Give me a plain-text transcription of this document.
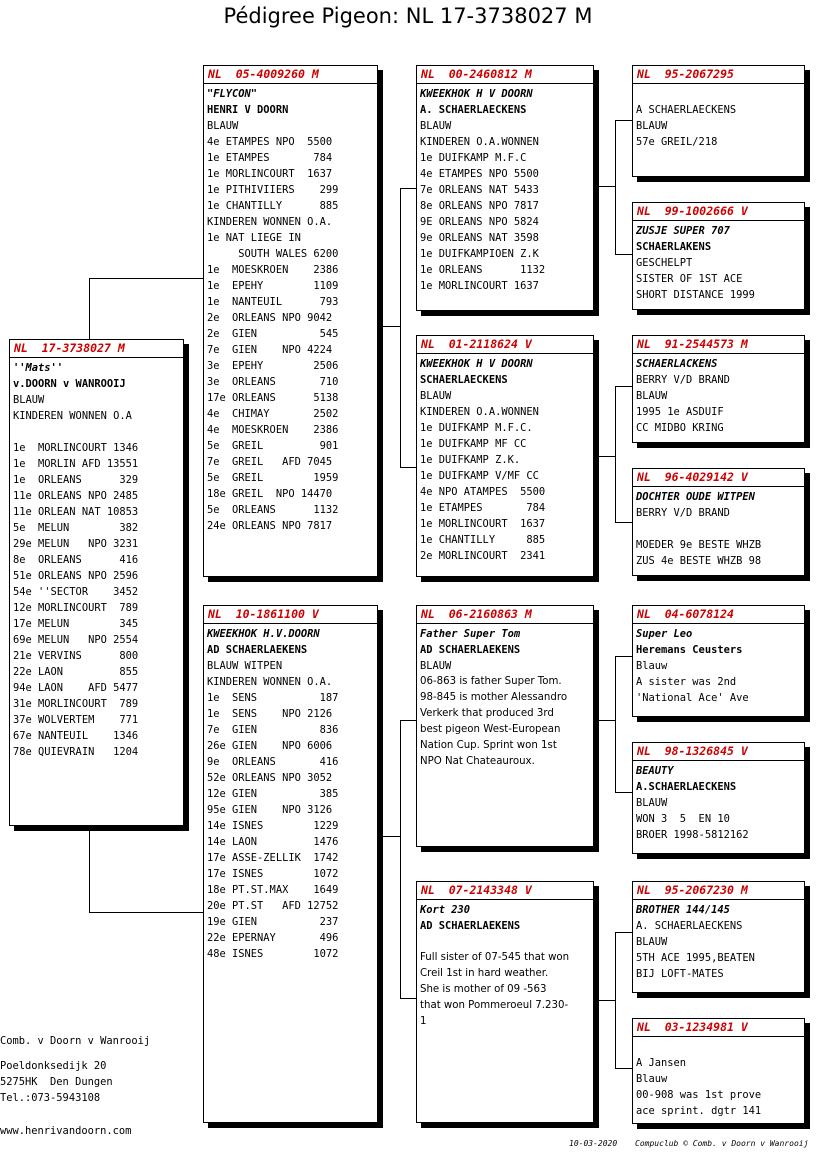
Pédigree Pigeon: NL 17-3738027 M
NL  17-3738027 M
''Mats''
v.DOORN v WANROOIJ
BLAUW
KINDEREN WONNEN O.A
1e  MORLINCOURT 1346
1e  MORLIN AFD 13551
1e  ORLEANS      329
11e ORLEANS NPO 2485
11e ORLEAN NAT 10853
5e  MELUN        382
29e MELUN   NPO 3231
8e  ORLEANS      416
51e ORLEANS NPO 2596
54e ''SECTOR    3452
12e MORLINCOURT  789
17e MELUN        345
69e MELUN   NPO 2554
21e VERVINS      800
22e LAON         855
94e LAON    AFD 5477
31e MORLINCOURT  789
37e WOLVERTEM    771
67e NANTEUIL    1346
78e QUIEVRAIN   1204
NL  05-4009260 M
"FLYCON"
HENRI V DOORN
BLAUW
4e ETAMPES NPO  5500
1e ETAMPES       784
1e MORLINCOURT  1637
1e PITHIVIIERS    299
1e CHANTILLY      885
KINDEREN WONNEN O.A.
1e NAT LIEGE IN
SOUTH WALES 6200
1e  MOESKROEN    2386
1e  EPEHY        1109
1e  NANTEUIL      793
2e  ORLEANS NPO 9042
2e  GIEN          545
7e  GIEN    NPO 4224
3e  EPEHY        2506
3e  ORLEANS       710
17e ORLEANS      5138
4e  CHIMAY       2502
4e  MOESKROEN    2386
5e  GREIL         901
7e  GREIL   AFD 7045
5e  GREIL        1959
18e GREIL  NPO 14470
5e  ORLEANS      1132
24e ORLEANS NPO 7817
NL  10-1861100 V
KWEEKHOK H.V.DOORN
AD SCHAERLAEKENS
BLAUW WITPEN
KINDEREN WONNEN O.A.
1e  SENS          187
1e  SENS    NPO 2126
7e  GIEN          836
26e GIEN    NPO 6006
9e  ORLEANS       416
52e ORLEANS NPO 3052
12e GIEN          385
95e GIEN    NPO 3126
14e ISNES        1229
14e LAON         1476
17e ASSE-ZELLIK  1742
17e ISNES        1072
18e PT.ST.MAX    1649
20e PT.ST   AFD 12752
19e GIEN          237
22e EPERNAY       496
48e ISNES        1072
NL  00-2460812 M
KWEEKHOK H V DOORN
A. SCHAERLAECKENS
BLAUW
KINDEREN O.A.WONNEN
1e DUIFKAMP M.F.C
4e ETAMPES NPO 5500
7e ORLEANS NAT 5433
8e ORLEANS NPO 7817
9E ORLEANS NPO 5824
9e ORLEANS NAT 3598
1e DUIFKAMPIOEN Z.K
1e ORLEANS      1132
1e MORLINCOURT 1637
NL  01-2118624 V
KWEEKHOK H V DOORN
SCHAERLAECKENS
BLAUW
KINDEREN O.A.WONNEN
1e DUIFKAMP M.F.C.
1e DUIFKAMP MF CC
1e DUIFKAMP Z.K.
1e DUIFKAMP V/MF CC
4e NPO ATAMPES  5500
1e ETAMPES       784
1e MORLINCOURT  1637
1e CHANTILLY     885
2e MORLINCOURT  2341
NL  06-2160863 M
Father Super Tom
AD SCHAERLAEKENS
BLAUW
06-863 is father Super Tom. 98-845 is mother Alessandro Verkerk that produced 3rd best pigeon West-European Nation Cup. Sprint won 1st NPO Nat Chateauroux.
NL  07-2143348 V
Kort 230
AD SCHAERLAEKENS
Full sister of 07-545 that won Creil 1st in hard weather. She is mother of 09 -563 that won Pommeroeul 7.230-1
NL  95-2067295
A SCHAERLAECKENS
BLAUW
57e GREIL/218
NL  99-1002666 V
ZUSJE SUPER 707
SCHAERLAKENS
GESCHELPT
SISTER OF 1ST ACE
SHORT DISTANCE 1999
NL  91-2544573 M
SCHAERLACKENS
BERRY V/D BRAND
BLAUW
1995 1e ASDUIF
CC MIDBO KRING
NL  96-4029142 V
DOCHTER OUDE WITPEN
BERRY V/D BRAND
MOEDER 9e BESTE WHZB
ZUS 4e BESTE WHZB 98
NL  04-6078124
Super Leo
Heremans Ceusters
Blauw
A sister was 2nd
'National Ace' Ave
NL  98-1326845 V
BEAUTY
A.SCHAERLAECKENS
BLAUW
WON 3  5  EN 10
BROER 1998-5812162
NL  95-2067230 M
BROTHER 144/145
A. SCHAERLAECKENS
BLAUW
5TH ACE 1995,BEATEN
BIJ LOFT-MATES
NL  03-1234981 V
A Jansen
Blauw
00-908 was 1st prove
ace sprint. dgtr 141
Comb. v Doorn v Wanrooij
Poeldonksedijk 20
5275HK  Den Dungen
Tel.:073-5943108
www.henrivandoorn.com
10-03-2020 Compuclub © Comb. v Doorn v Wanrooij
